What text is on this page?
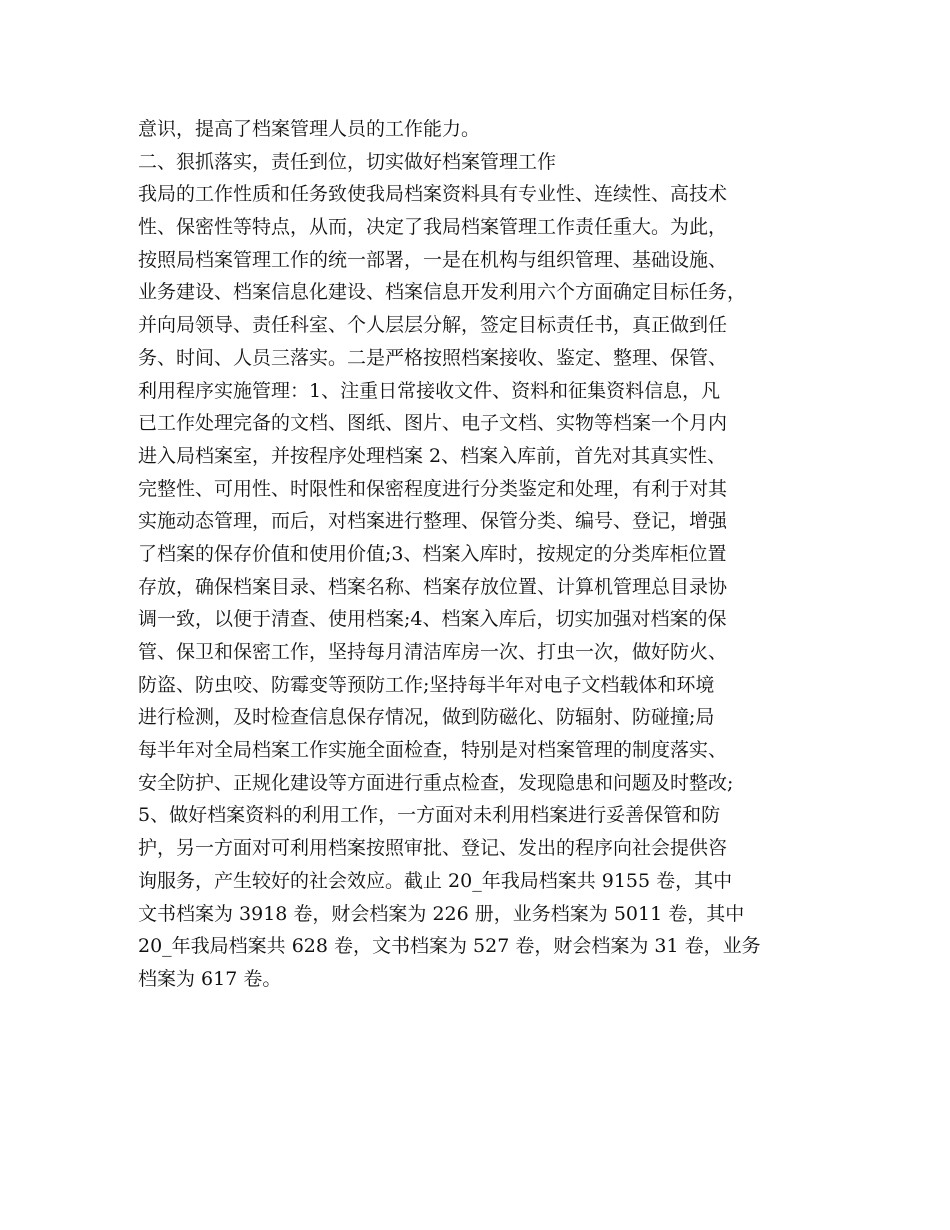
意识，提高了档案管理人员的工作能力。
二、狠抓落实，责任到位，切实做好档案管理工作
我局的工作性质和任务致使我局档案资料具有专业性、连续性、高技术
性、保密性等特点，从而，决定了我局档案管理工作责任重大。为此，
按照局档案管理工作的统一部署，一是在机构与组织管理、基础设施、
业务建设、档案信息化建设、档案信息开发利用六个方面确定目标任务，
并向局领导、责任科室、个人层层分解，签定目标责任书，真正做到任
务、时间、人员三落实。二是严格按照档案接收、鉴定、整理、保管、
利用程序实施管理：1、注重日常接收文件、资料和征集资料信息，凡
已工作处理完备的文档、图纸、图片、电子文档、实物等档案一个月内
进入局档案室，并按程序处理档案 2、档案入库前，首先对其真实性、
完整性、可用性、时限性和保密程度进行分类鉴定和处理，有利于对其
实施动态管理，而后，对档案进行整理、保管分类、编号、登记，增强
了档案的保存价值和使用价值;3、档案入库时，按规定的分类库柜位置
存放，确保档案目录、档案名称、档案存放位置、计算机管理总目录协
调一致，以便于清查、使用档案;4、档案入库后，切实加强对档案的保
管、保卫和保密工作，坚持每月清洁库房一次、打虫一次，做好防火、
防盗、防虫咬、防霉变等预防工作;坚持每半年对电子文档载体和环境
进行检测，及时检查信息保存情况，做到防磁化、防辐射、防碰撞;局
每半年对全局档案工作实施全面检查，特别是对档案管理的制度落实、
安全防护、正规化建设等方面进行重点检查，发现隐患和问题及时整改;
5、做好档案资料的利用工作，一方面对未利用档案进行妥善保管和防
护，另一方面对可利用档案按照审批、登记、发出的程序向社会提供咨
询服务，产生较好的社会效应。截止 20_年我局档案共 9155 卷，其中
文书档案为 3918 卷，财会档案为 226 册，业务档案为 5011 卷，其中
20_年我局档案共 628 卷，文书档案为 527 卷，财会档案为 31 卷，业务
档案为 617 卷。
